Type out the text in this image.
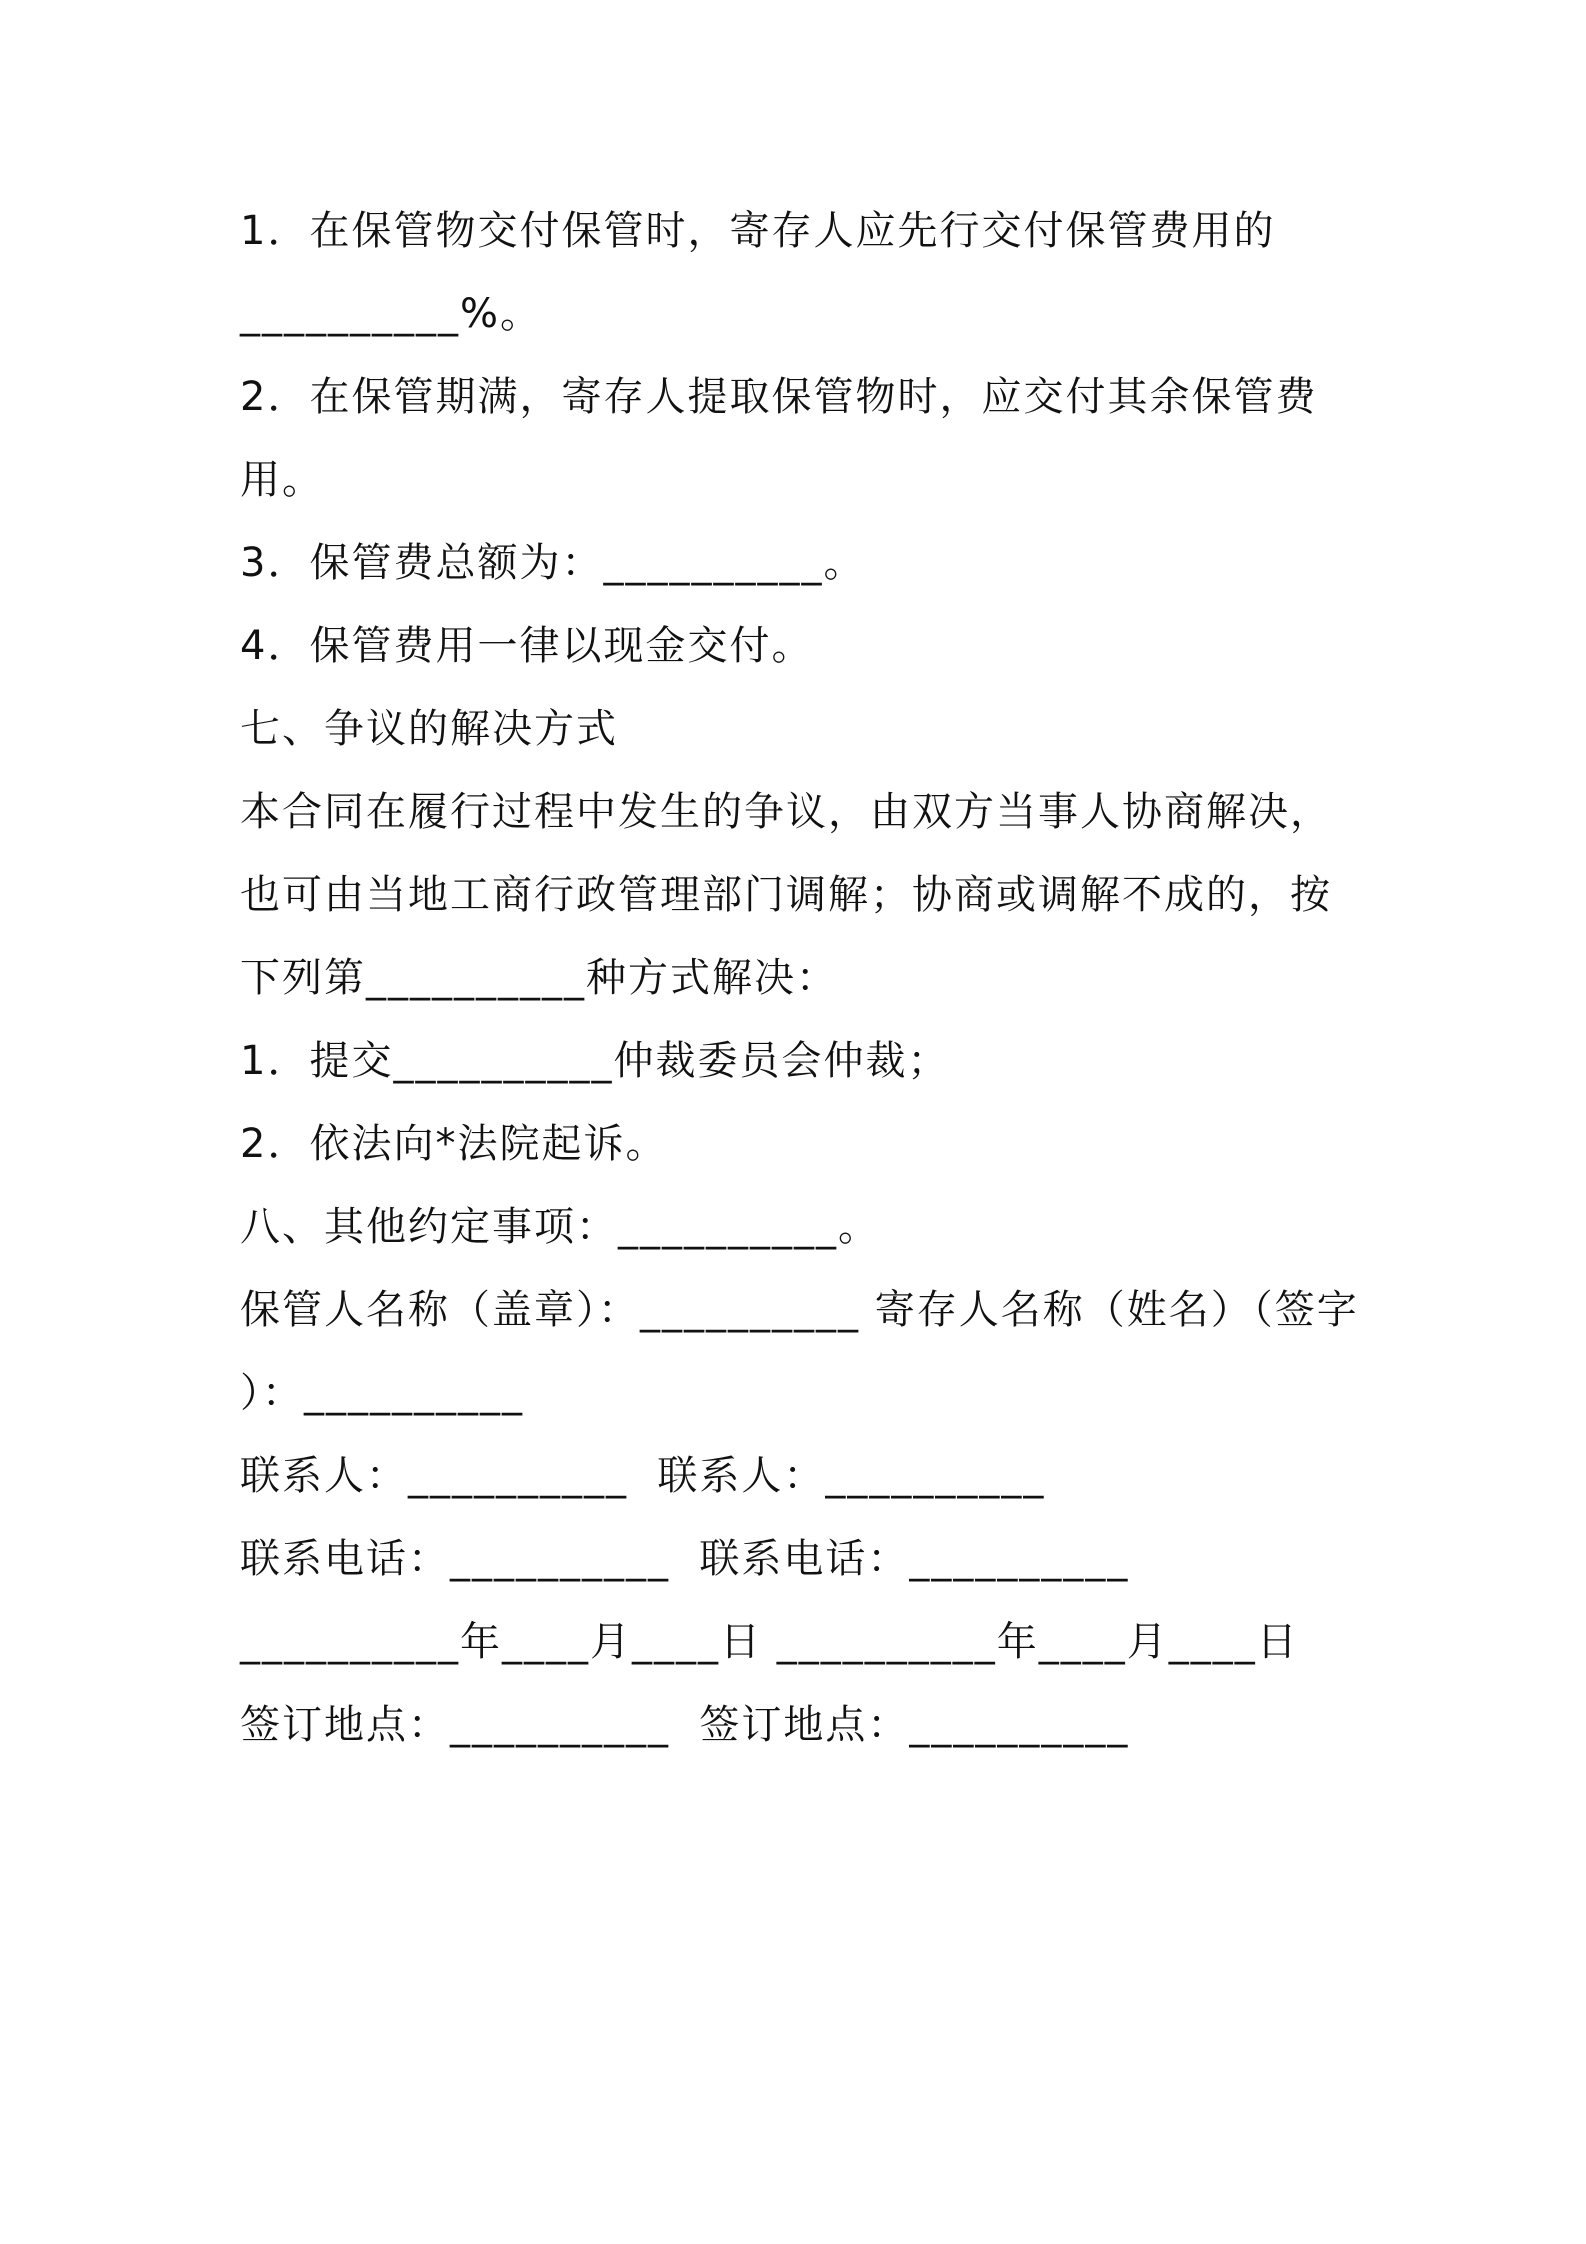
1．在保管物交付保管时，寄存人应先行交付保管费用的
__________%。
2．在保管期满，寄存人提取保管物时，应交付其余保管费
用。
3．保管费总额为：__________。
4．保管费用一律以现金交付。
七、争议的解决方式
本合同在履行过程中发生的争议，由双方当事人协商解决，
也可由当地工商行政管理部门调解；协商或调解不成的，按
下列第__________种方式解决：
1．提交__________仲裁委员会仲裁；
2．依法向*法院起诉。
八、其他约定事项：__________。
保管人名称（盖章）：__________ 寄存人名称（姓名）（签字
）：__________
联系人：__________  联系人：__________
联系电话：__________  联系电话：__________
__________年____月____日 __________年____月____日
签订地点：__________  签订地点：__________
